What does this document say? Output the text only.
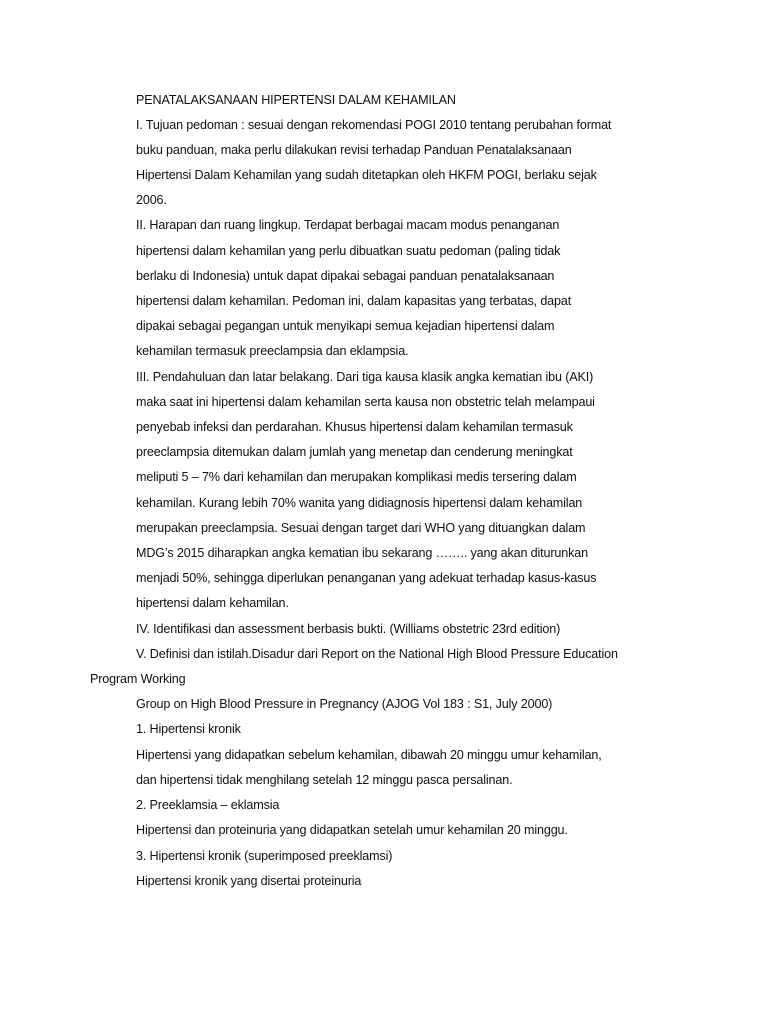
PENATALAKSANAAN HIPERTENSI DALAM KEHAMILAN
I. Tujuan pedoman : sesuai dengan rekomendasi POGI 2010 tentang perubahan format
buku panduan, maka perlu dilakukan revisi terhadap Panduan Penatalaksanaan
Hipertensi Dalam Kehamilan yang sudah ditetapkan oleh HKFM POGI, berlaku sejak
2006.
II. Harapan dan ruang lingkup. Terdapat berbagai macam modus penanganan
hipertensi dalam kehamilan yang perlu dibuatkan suatu pedoman (paling tidak
berlaku di Indonesia) untuk dapat dipakai sebagai panduan penatalaksanaan
hipertensi dalam kehamilan. Pedoman ini, dalam kapasitas yang terbatas, dapat
dipakai sebagai pegangan untuk menyikapi semua kejadian hipertensi dalam
kehamilan termasuk preeclampsia dan eklampsia.
III. Pendahuluan dan latar belakang. Dari tiga kausa klasik angka kematian ibu (AKI)
maka saat ini hipertensi dalam kehamilan serta kausa non obstetric telah melampaui
penyebab infeksi dan perdarahan. Khusus hipertensi dalam kehamilan termasuk
preeclampsia ditemukan dalam jumlah yang menetap dan cenderung meningkat
meliputi 5 – 7% dari kehamilan dan merupakan komplikasi medis tersering dalam
kehamilan. Kurang lebih 70% wanita yang didiagnosis hipertensi dalam kehamilan
merupakan preeclampsia. Sesuai dengan target dari WHO yang dituangkan dalam
MDG’s 2015 diharapkan angka kematian ibu sekarang …….. yang akan diturunkan
menjadi 50%, sehingga diperlukan penanganan yang adekuat terhadap kasus-kasus
hipertensi dalam kehamilan.
IV. Identifikasi dan assessment berbasis bukti. (Williams obstetric 23rd edition)
V. Definisi dan istilah.Disadur dari Report on the National High Blood Pressure Education
Program Working
Group on High Blood Pressure in Pregnancy (AJOG Vol 183 : S1, July 2000)
1. Hipertensi kronik
Hipertensi yang didapatkan sebelum kehamilan, dibawah 20 minggu umur kehamilan,
dan hipertensi tidak menghilang setelah 12 minggu pasca persalinan.
2. Preeklamsia – eklamsia
Hipertensi dan proteinuria yang didapatkan setelah umur kehamilan 20 minggu.
3. Hipertensi kronik (superimposed preeklamsi)
Hipertensi kronik yang disertai proteinuria
